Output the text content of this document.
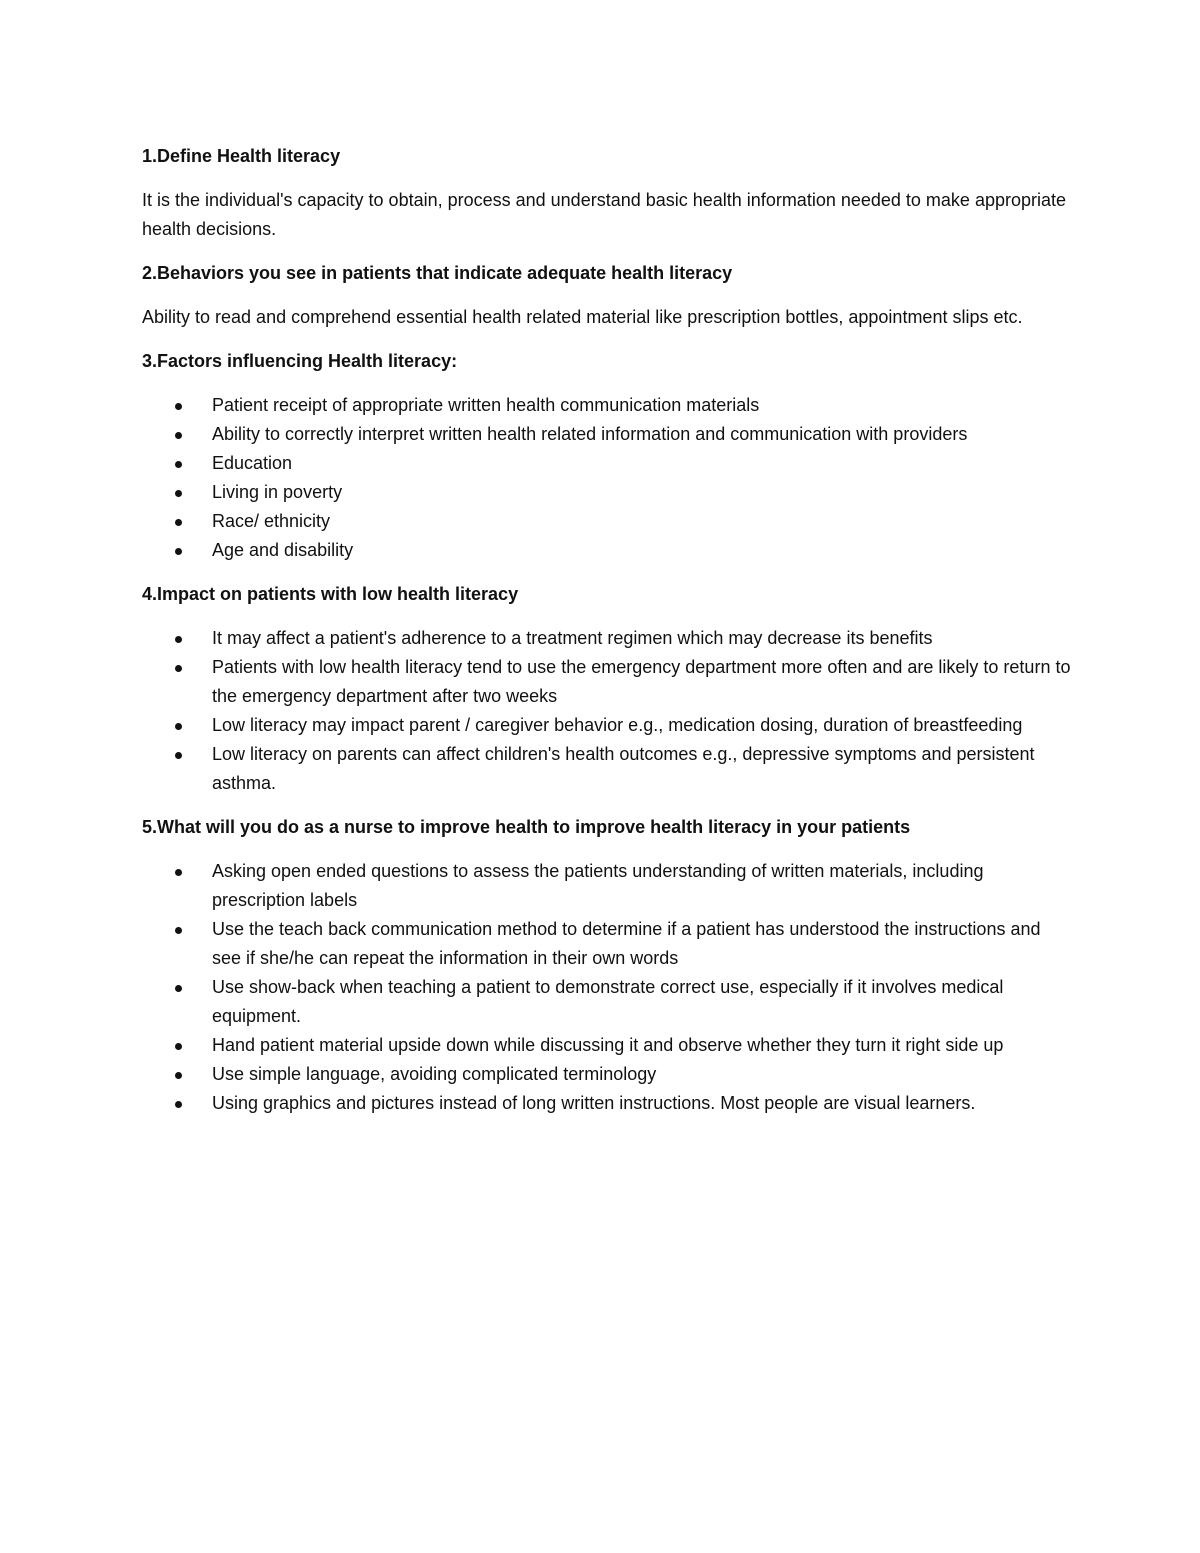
1.Define Health literacy
It is the individual's capacity to obtain, process and understand basic health information needed to make appropriate health decisions.
2.Behaviors you see in patients that indicate adequate health literacy
Ability to read and comprehend essential health related material like prescription bottles, appointment slips etc.
3.Factors influencing Health literacy:
Patient receipt of appropriate written health communication materials
Ability to correctly interpret written health related information and communication with providers
Education
Living in poverty
Race/ ethnicity
Age and disability
4.Impact on patients with low health literacy
It may affect a patient's adherence to a treatment regimen which may decrease its benefits
Patients with low health literacy tend to use the emergency department more often and are likely to return to the emergency department after two weeks
Low literacy may impact parent / caregiver behavior e.g., medication dosing, duration of breastfeeding
Low literacy on parents can affect children's health outcomes e.g., depressive symptoms and persistent asthma.
5.What will you do as a nurse to improve health to improve health literacy in your patients
Asking open ended questions to assess the patients understanding of written materials, including prescription labels
Use the teach back communication method to determine if a patient has understood the instructions and see if she/he can repeat the information in their own words
Use show-back when teaching a patient to demonstrate correct use, especially if it involves medical equipment.
Hand patient material upside down while discussing it and observe whether they turn it right side up
Use simple language, avoiding complicated terminology
Using graphics and pictures instead of long written instructions. Most people are visual learners.
